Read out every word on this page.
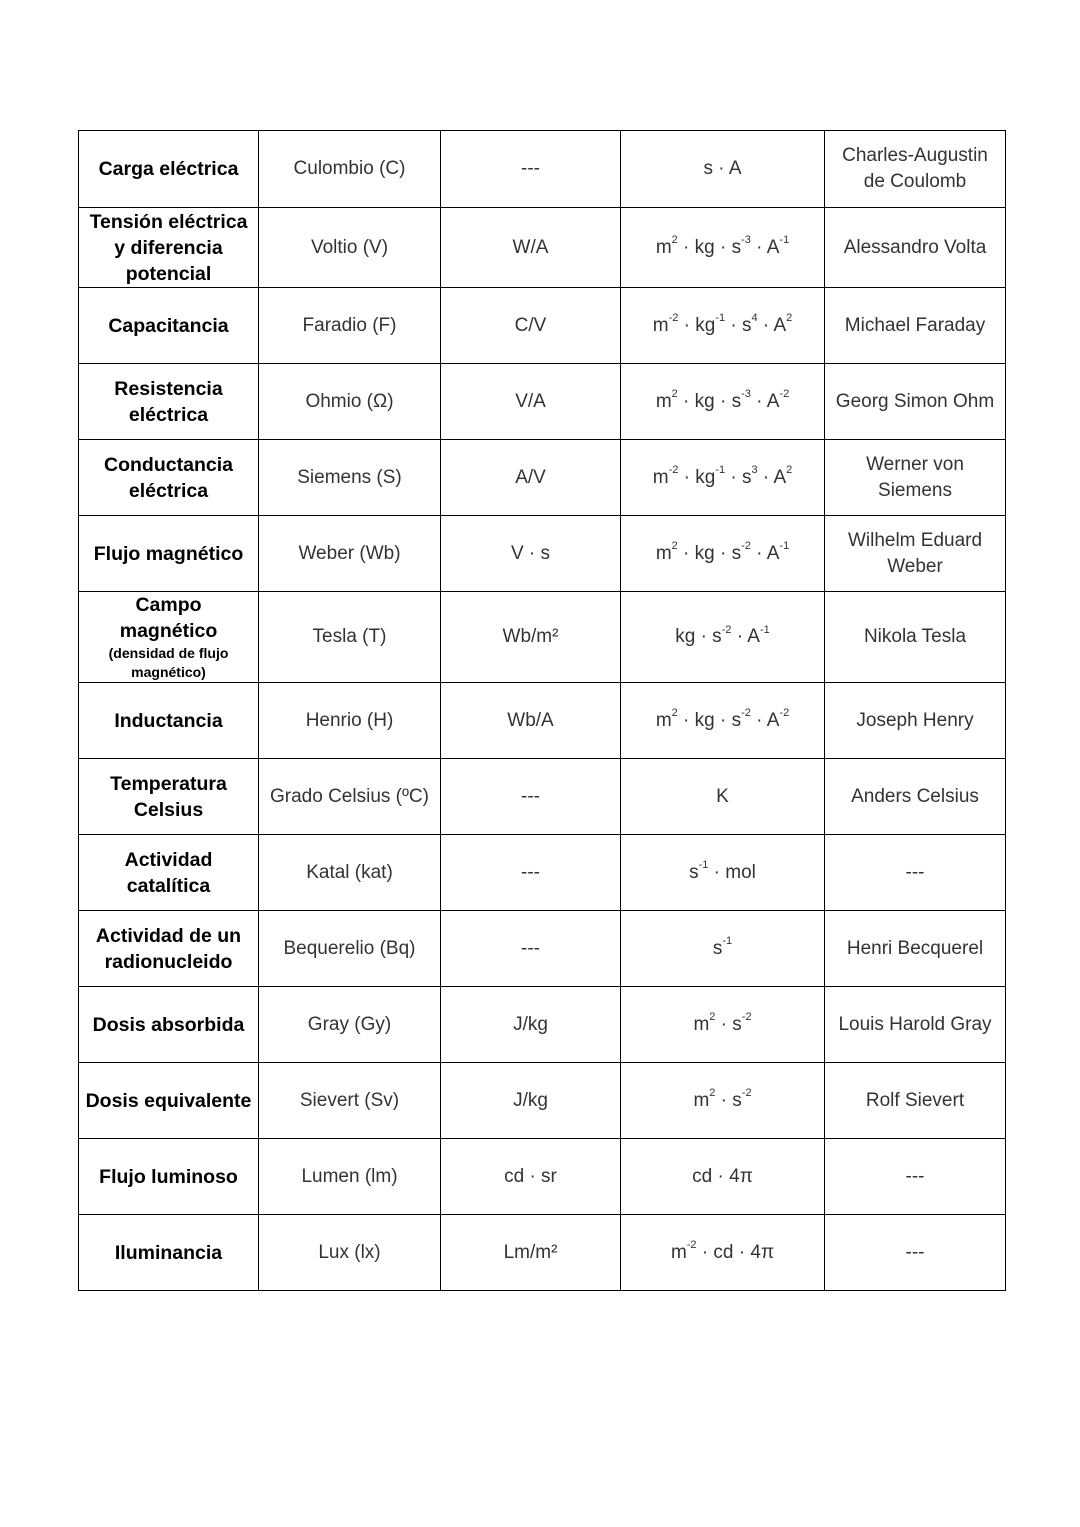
Carga eléctrica	Culombio (C)	---	s · A	Charles-Augustin de Coulomb

Tensión eléctrica y diferencia potencial	Voltio (V)	W/A	$m^2$ · kg · $s^{-3} \cdot A^{-1}$	Alessandro Volta

Capacitancia	Faradio (F)	C/V	$m^{-2} \cdot kg^{-1} \cdot s^4 \cdot A^2$	Michael Faraday

Resistencia eléctrica	Ohmio (Ω)	V/A	$m^2$ · kg · $s^{-3} \cdot A^{-2}$	Georg Simon Ohm

Conductancia eléctrica	Siemens (S)	A/V	$m^{-2} \cdot kg^{-1} \cdot s^3 \cdot A^2$	Werner von Siemens

Flujo magnético	Weber (Wb)	V · s	$m^2$ · kg · $s^{-2} \cdot A^{-1}$	Wilhelm Eduard Weber

Campo magnético
(densidad de flujo magnético)	Tesla (T)	Wb/m²	kg · $s^{-2} \cdot A^{-1}$	Nikola Tesla

Inductancia	Henrio (H)	Wb/A	$m^2$ · kg · $s^{-2} \cdot A^{-2}$	Joseph Henry

Temperatura Celsius	Grado Celsius (ºC)	---	K	Anders Celsius

Actividad catalítica	Katal (kat)	---	$s^{-1}$ · mol	---

Actividad de un radionucleido	Bequerelio (Bq)	---	$s^{-1}$	Henri Becquerel

Dosis absorbida	Gray (Gy)	J/kg	$m^2 \cdot s^{-2}$	Louis Harold Gray

Dosis equivalente	Sievert (Sv)	J/kg	$m^2 \cdot s^{-2}$	Rolf Sievert

Flujo luminoso	Lumen (lm)	cd · sr	cd · 4π	---

Iluminancia	Lux (lx)	Lm/m²	$m^{-2}$ · cd · 4π	---
